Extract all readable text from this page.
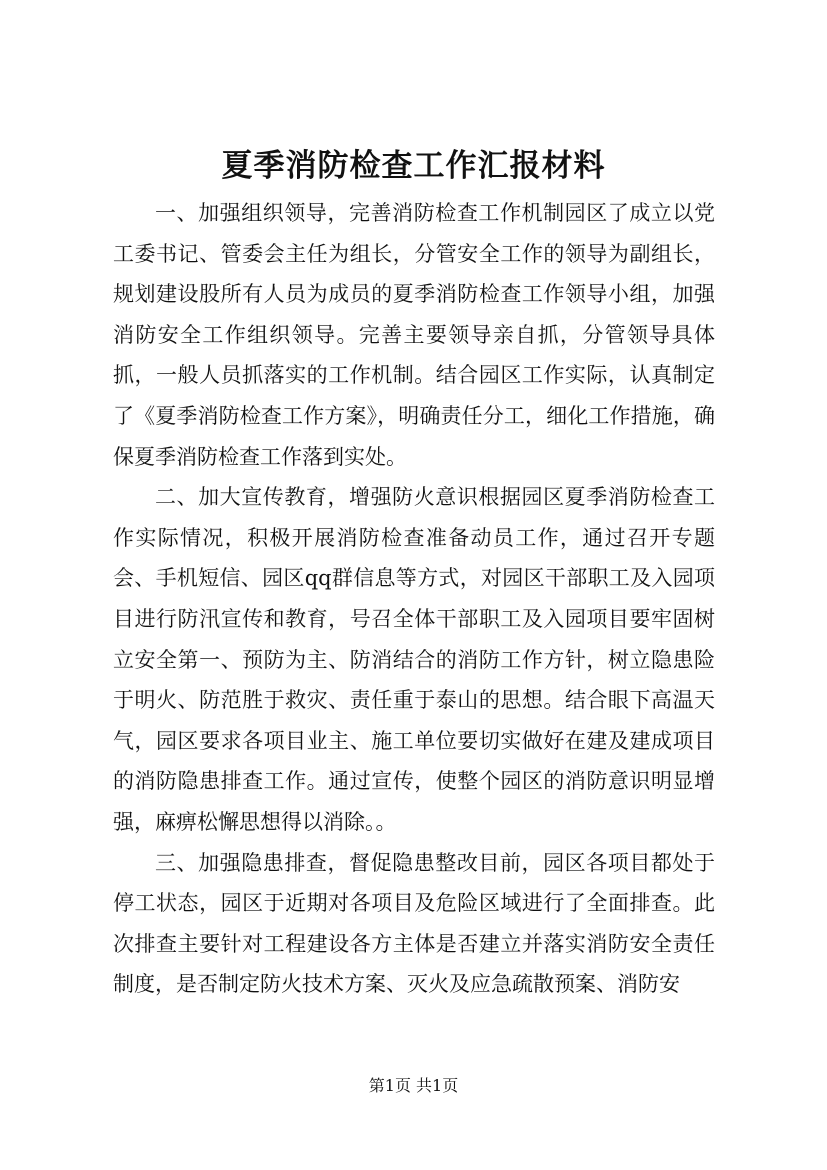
夏季消防检查工作汇报材料

一、加强组织领导，完善消防检查工作机制园区了成立以党工委书记、管委会主任为组长，分管安全工作的领导为副组长，规划建设股所有人员为成员的夏季消防检查工作领导小组，加强消防安全工作组织领导。完善主要领导亲自抓，分管领导具体抓，一般人员抓落实的工作机制。结合园区工作实际，认真制定了《夏季消防检查工作方案》，明确责任分工，细化工作措施，确保夏季消防检查工作落到实处。

二、加大宣传教育，增强防火意识根据园区夏季消防检查工作实际情况，积极开展消防检查准备动员工作，通过召开专题会、手机短信、园区qq群信息等方式，对园区干部职工及入园项目进行防汛宣传和教育，号召全体干部职工及入园项目要牢固树立安全第一、预防为主、防消结合的消防工作方针，树立隐患险于明火、防范胜于救灾、责任重于泰山的思想。结合眼下高温天气，园区要求各项目业主、施工单位要切实做好在建及建成项目的消防隐患排查工作。通过宣传，使整个园区的消防意识明显增强，麻痹松懈思想得以消除。。

三、加强隐患排查，督促隐患整改目前，园区各项目都处于停工状态，园区于近期对各项目及危险区域进行了全面排查。此次排查主要针对工程建设各方主体是否建立并落实消防安全责任制度，是否制定防火技术方案、灭火及应急疏散预案、消防安

第1页 共1页
